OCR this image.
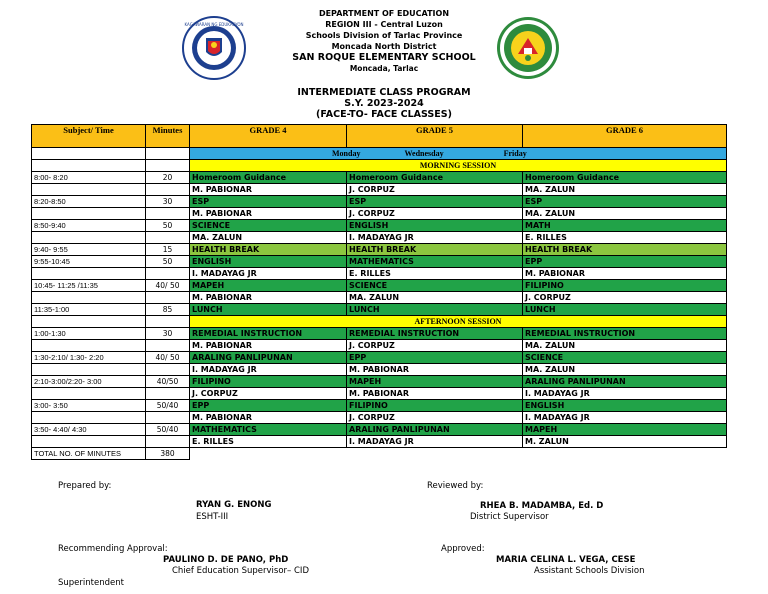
DEPARTMENT OF EDUCATION
REGION III - Central Luzon
Schools Division of Tarlac Province
Moncada North District
SAN ROQUE ELEMENTARY SCHOOL
Moncada, Tarlac
KAGAWARAN NG EDUKASYON
INTERMEDIATE CLASS PROGRAM
S.Y. 2023-2024
(FACE-TO- FACE CLASSES)
Subject/ Time	Minutes	GRADE 4	GRADE 5	GRADE 6
		Monday Wednesday Friday		
		MORNING SESSION		
8:00- 8:20	20	Homeroom Guidance	Homeroom Guidance	Homeroom Guidance
		M. PABIONAR	J. CORPUZ	MA. ZALUN
8:20-8:50	30	ESP	ESP	ESP
		M. PABIONAR	J. CORPUZ	MA. ZALUN
8:50-9:40	50	SCIENCE	ENGLISH	MATH
		MA. ZALUN	I. MADAYAG JR	E. RILLES
9:40- 9:55	15	HEALTH BREAK	HEALTH BREAK	HEALTH BREAK
9:55-10:45	50	ENGLISH	MATHEMATICS	EPP
		I. MADAYAG JR	E. RILLES	M. PABIONAR
10:45- 11:25 /11:35	40/ 50	MAPEH	SCIENCE	FILIPINO
		M. PABIONAR	MA. ZALUN	J. CORPUZ
11:35-1:00	85	LUNCH	LUNCH	LUNCH
		AFTERNOON SESSION		
1:00-1:30	30	REMEDIAL INSTRUCTION	REMEDIAL INSTRUCTION	REMEDIAL INSTRUCTION
		M. PABIONAR	J. CORPUZ	MA. ZALUN
1:30-2:10/ 1:30- 2:20	40/ 50	ARALING PANLIPUNAN	EPP	SCIENCE
		I. MADAYAG JR	M. PABIONAR	MA. ZALUN
2:10-3:00/2:20- 3:00	40/50	FILIPINO	MAPEH	ARALING PANLIPUNAN
		J. CORPUZ	M. PABIONAR	I. MADAYAG JR
3:00- 3:50	50/40	EPP	FILIPINO	ENGLISH
		M. PABIONAR	J. CORPUZ	I. MADAYAG JR
3:50- 4:40/ 4:30	50/40	MATHEMATICS	ARALING PANLIPUNAN	MAPEH
		E. RILLES	I. MADAYAG JR	M. ZALUN
TOTAL NO. OF MINUTES	380			
Prepared by:
RYAN G. ENONG
ESHT-III
Reviewed by:
RHEA B. MADAMBA, Ed. D
District Supervisor
Recommending Approval:
PAULINO D. DE PANO, PhD
Chief Education Supervisor– CID
Approved:
MARIA CELINA L. VEGA, CESE
Assistant Schools Division
Superintendent
